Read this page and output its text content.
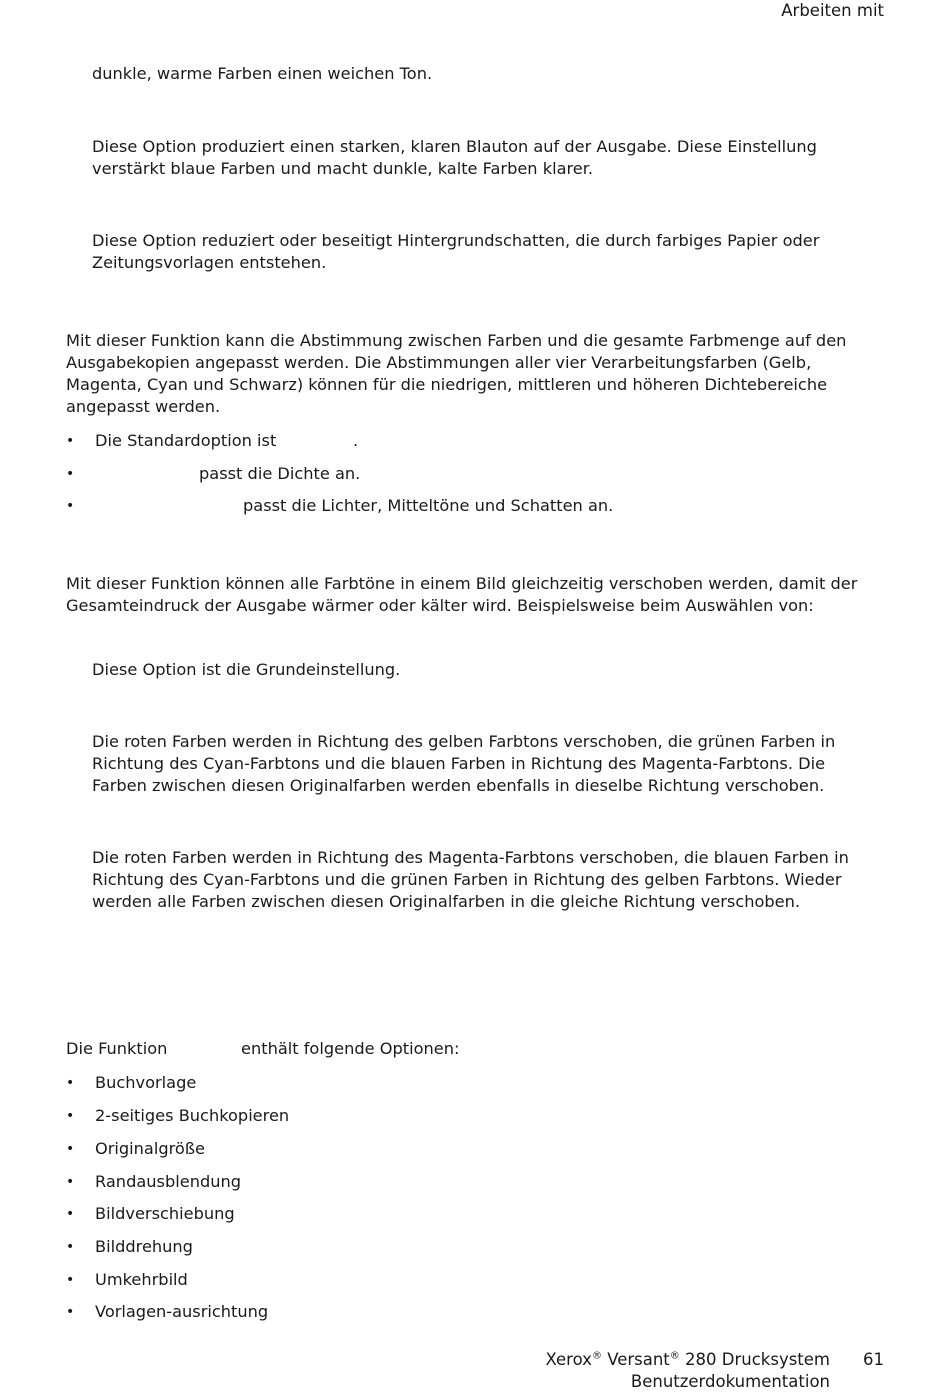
Arbeiten mit
dunkle, warme Farben einen weichen Ton.
Diese Option produziert einen starken, klaren Blauton auf der Ausgabe. Diese Einstellung
verstärkt blaue Farben und macht dunkle, kalte Farben klarer.
Diese Option reduziert oder beseitigt Hintergrundschatten, die durch farbiges Papier oder
Zeitungsvorlagen entstehen.
Mit dieser Funktion kann die Abstimmung zwischen Farben und die gesamte Farbmenge auf den
Ausgabekopien angepasst werden. Die Abstimmungen aller vier Verarbeitungsfarben (Gelb,
Magenta, Cyan und Schwarz) können für die niedrigen, mittleren und höheren Dichtebereiche
angepasst werden.
• Die Standardoption ist	.
•	passt die Dichte an.
•	passt die Lichter, Mitteltöne und Schatten an.
Mit dieser Funktion können alle Farbtöne in einem Bild gleichzeitig verschoben werden, damit der
Gesamteindruck der Ausgabe wärmer oder kälter wird. Beispielsweise beim Auswählen von:
Diese Option ist die Grundeinstellung.
Die roten Farben werden in Richtung des gelben Farbtons verschoben, die grünen Farben in
Richtung des Cyan-Farbtons und die blauen Farben in Richtung des Magenta-Farbtons. Die
Farben zwischen diesen Originalfarben werden ebenfalls in dieselbe Richtung verschoben.
Die roten Farben werden in Richtung des Magenta-Farbtons verschoben, die blauen Farben in
Richtung des Cyan-Farbtons und die grünen Farben in Richtung des gelben Farbtons. Wieder
werden alle Farben zwischen diesen Originalfarben in die gleiche Richtung verschoben.
Die Funktion	enthält folgende Optionen:
• Buchvorlage
• 2-seitiges Buchkopieren
• Originalgröße
• Randausblendung
• Bildverschiebung
• Bilddrehung
• Umkehrbild
• Vorlagen-ausrichtung
Xerox® Versant® 280 Drucksystem
Benutzerdokumentation
61
